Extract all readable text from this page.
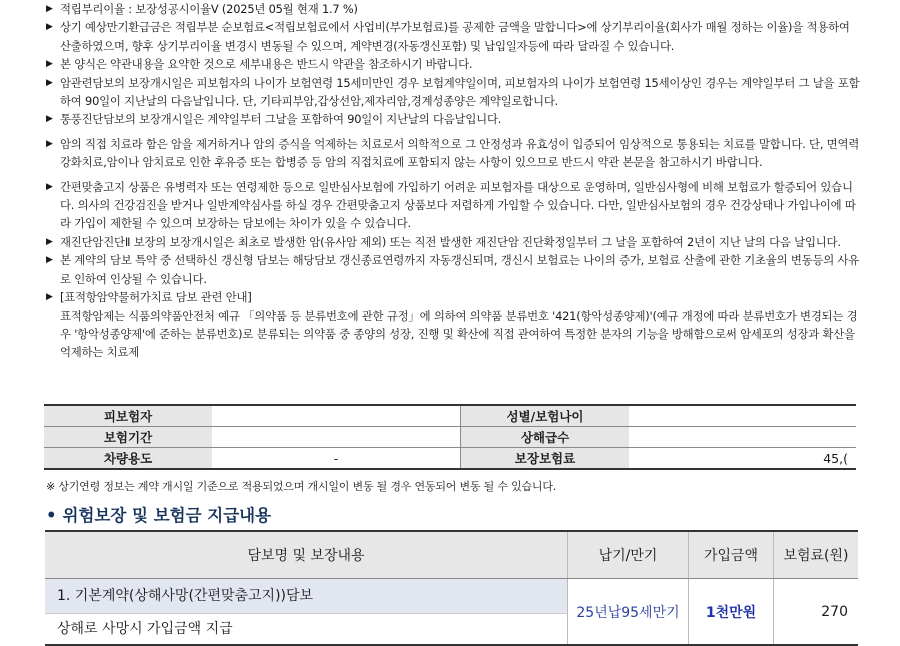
▶ 적립부리이율 : 보장성공시이율Ⅴ (2025년 05월 현재 1.7 %)
▶ 상기 예상만기환급금은 적립부분 순보험료<적립보험료에서 사업비(부가보험료)를 공제한 금액을 말합니다>에 상기부리이율(회사가 매월 정하는 이율)을 적용하여 산출하였으며, 향후 상기부리이율 변경시 변동될 수 있으며, 계약변경(자동갱신포함) 및 납입일자등에 따라 달라질 수 있습니다.
▶ 본 양식은 약관내용을 요약한 것으로 세부내용은 반드시 약관을 참조하시기 바랍니다.
▶ 암관련담보의 보장개시일은 피보험자의 나이가 보험연령 15세미만인 경우 보험계약일이며, 피보험자의 나이가 보험연령 15세이상인 경우는 계약일부터 그 날을 포함하여 90일이 지난날의 다음날입니다. 단, 기타피부암,갑상선암,제자리암,경계성종양은 계약일로합니다.
▶ 통풍진단담보의 보장개시일은 계약일부터 그날을 포함하여 90일이 지난날의 다음날입니다.
▶ 암의 직접 치료라 함은 암을 제거하거나 암의 증식을 억제하는 치료로서 의학적으로 그 안정성과 유효성이 입증되어 임상적으로 통용되는 치료를 말합니다. 단, 면역력 강화치료,암이나 암치료로 인한 후유증 또는 합병증 등 암의 직접치료에 포함되지 않는 사항이 있으므로 반드시 약관 본문을 참고하시기 바랍니다.
▶ 간편맞춤고지 상품은 유병력자 또는 연령제한 등으로 일반심사보험에 가입하기 어려운 피보험자를 대상으로 운영하며, 일반심사형에 비해 보험료가 할증되어 있습니다. 의사의 건강검진을 받거나 일반계약심사를 하실 경우 간편맞춤고지 상품보다 저렴하게 가입할 수 있습니다. 다만, 일반심사보험의 경우 건강상태나 가입나이에 따라 가입이 제한될 수 있으며 보장하는 담보에는 차이가 있을 수 있습니다.
▶ 재진단암진단Ⅱ 보장의 보장개시일은 최초로 발생한 암(유사암 제외) 또는 직전 발생한 재진단암 진단확정일부터 그 날을 포함하여 2년이 지난 날의 다음 날입니다.
▶ 본 계약의 담보 특약 중 선택하신 갱신형 담보는 해당담보 갱신종료연령까지 자동갱신되며, 갱신시 보험료는 나이의 증가, 보험료 산출에 관한 기초율의 변동등의 사유로 인하여 인상될 수 있습니다.
▶ [표적항암약물허가치료 담보 관련 안내]
표적항암제는 식품의약품안전처 예규 「의약품 등 분류번호에 관한 규정」에 의하여 의약품 분류번호 '421(항악성종양제)'(예규 개정에 따라 분류번호가 변경되는 경우 '항악성종양제'에 준하는 분류번호)로 분류되는 의약품 중 종양의 성장, 진행 및 확산에 직접 관여하여 특정한 분자의 기능을 방해함으로써 암세포의 성장과 확산을 억제하는 치료제
피보험자		성별/보험나이	
보험기간		상해급수	
차량용도	-	보장보험료	45,(
※ 상기연령 정보는 계약 개시일 기준으로 적용되었으며 개시일이 변동 될 경우 연동되어 변동 될 수 있습니다.
• 위험보장 및 보험금 지급내용
담보명 및 보장내용	납기/만기	가입금액	보험료(원)

1. 기본계약(상해사망(간편맞춤고지))담보
상해로 사망시 가입금액 지급	25년납95세만기	1천만원	270
